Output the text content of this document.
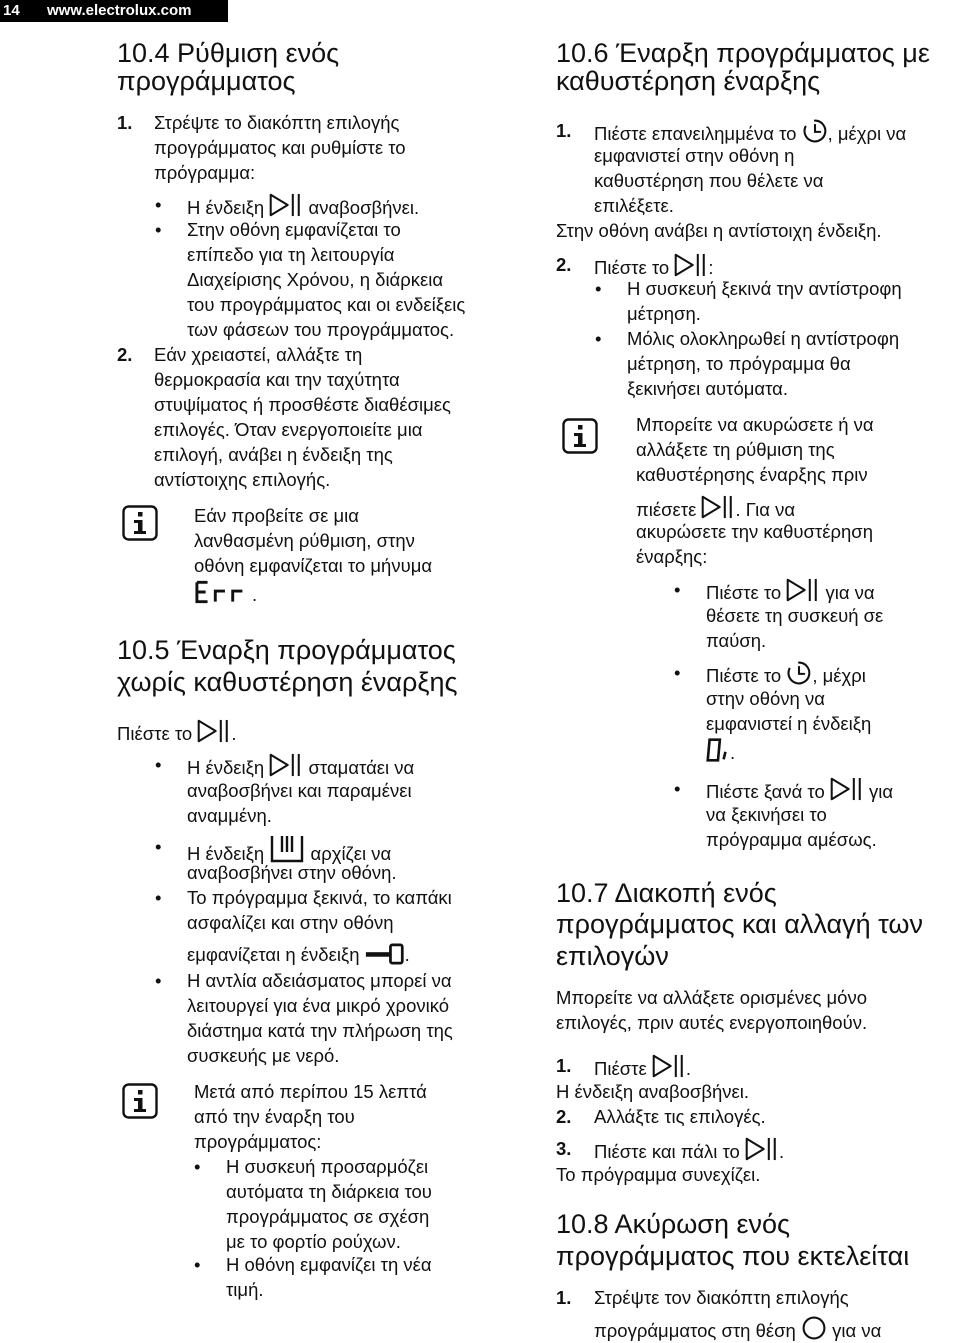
14 www.electrolux.com
10.4 Ρύθμιση ενός
προγράμματος
1. Στρέψτε το διακόπτη επιλογής
προγράμματος και ρυθμίστε το
πρόγραμμα:
• Η ένδειξη αναβοσβήνει.
• Στην οθόνη εμφανίζεται το
επίπεδο για τη λειτουργία
Διαχείρισης Χρόνου, η διάρκεια
του προγράμματος και οι ενδείξεις
των φάσεων του προγράμματος.
2. Εάν χρειαστεί, αλλάξτε τη
θερμοκρασία και την ταχύτητα
στυψίματος ή προσθέστε διαθέσιμες
επιλογές. Όταν ενεργοποιείτε μια
επιλογή, ανάβει η ένδειξη της
αντίστοιχης επιλογής.
Εάν προβείτε σε μια
λανθασμένη ρύθμιση, στην
οθόνη εμφανίζεται το μήνυμα
.
10.5 Έναρξη προγράμματος
χωρίς καθυστέρηση έναρξης
Πιέστε το .
• Η ένδειξη σταματάει να
αναβοσβήνει και παραμένει
αναμμένη.
• Η ένδειξη	αρχίζει να
αναβοσβήνει στην οθόνη.
• Το πρόγραμμα ξεκινά, το καπάκι
ασφαλίζει και στην οθόνη
εμφανίζεται η ένδειξη .
• Η αντλία αδειάσματος μπορεί να
λειτουργεί για ένα μικρό χρονικό
διάστημα κατά την πλήρωση της
συσκευής με νερό.
Μετά από περίπου 15 λεπτά
από την έναρξη του
προγράμματος:
• Η συσκευή προσαρμόζει
αυτόματα τη διάρκεια του
προγράμματος σε σχέση
με το φορτίο ρούχων.
• Η οθόνη εμφανίζει τη νέα
τιμή.
10.6 Έναρξη προγράμματος με
καθυστέρηση έναρξης
1. Πιέστε επανειλημμένα το , μέχρι να
εμφανιστεί στην οθόνη η
καθυστέρηση που θέλετε να
επιλέξετε.
Στην οθόνη ανάβει η αντίστοιχη ένδειξη.
2. Πιέστε το :
• Η συσκευή ξεκινά την αντίστροφη
μέτρηση.
• Μόλις ολοκληρωθεί η αντίστροφη
μέτρηση, το πρόγραμμα θα
ξεκινήσει αυτόματα.
Μπορείτε να ακυρώσετε ή να
αλλάξετε τη ρύθμιση της
καθυστέρησης έναρξης πριν
πιέσετε . Για να
ακυρώσετε την καθυστέρηση
έναρξης:
• Πιέστε το για να
θέσετε τη συσκευή σε
παύση.
• Πιέστε το , μέχρι
στην οθόνη να
εμφανιστεί η ένδειξη
.
• Πιέστε ξανά το για
να ξεκινήσει το
πρόγραμμα αμέσως.
10.7 Διακοπή ενός
προγράμματος και αλλαγή των
επιλογών
Μπορείτε να αλλάξετε ορισμένες μόνο
επιλογές, πριν αυτές ενεργοποιηθούν.
1. Πιέστε .
Η ένδειξη αναβοσβήνει.
2. Αλλάξτε τις επιλογές.
3. Πιέστε και πάλι το .
Το πρόγραμμα συνεχίζει.
10.8 Ακύρωση ενός
προγράμματος που εκτελείται
1. Στρέψτε τον διακόπτη επιλογής
προγράμματος στη θέση για να
